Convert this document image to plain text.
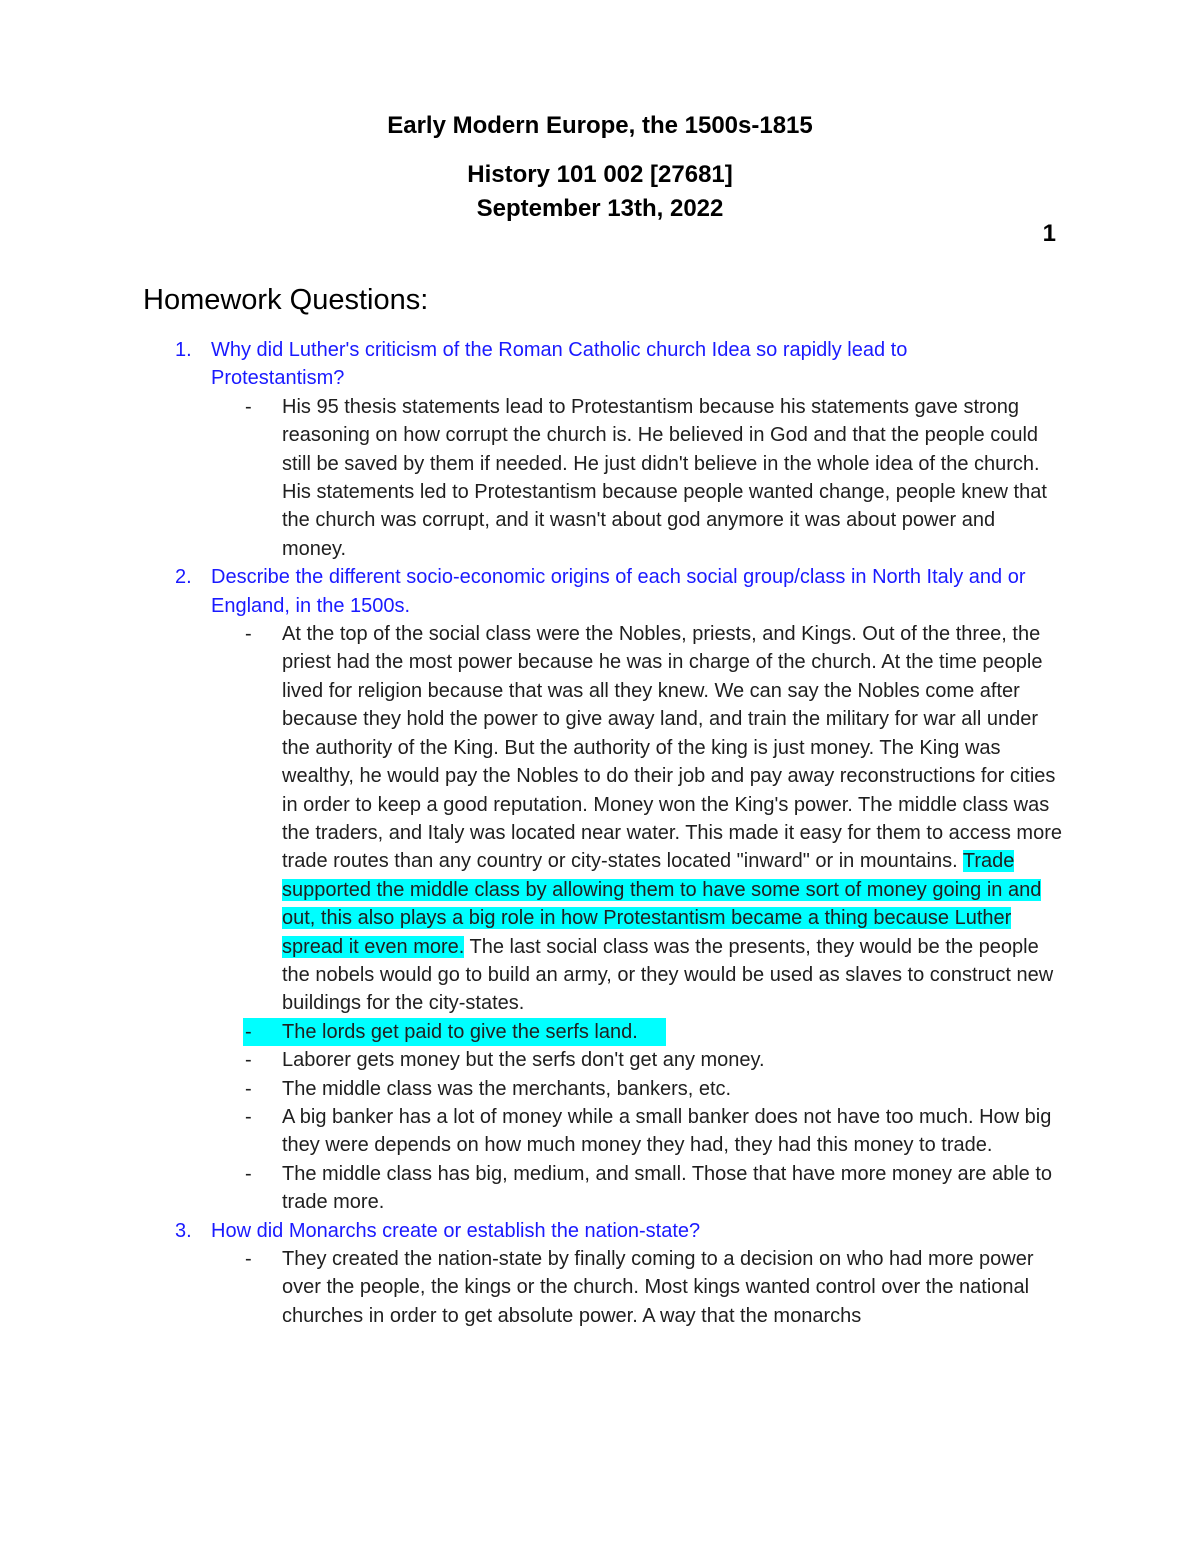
Early Modern Europe, the 1500s-1815
History 101 002 [27681]
September 13th, 2022
1
Homework Questions:
1. Why did Luther's criticism of the Roman Catholic church Idea so rapidly lead to Protestantism?
- His 95 thesis statements lead to Protestantism because his statements gave strong reasoning on how corrupt the church is. He believed in God and that the people could still be saved by them if needed. He just didn't believe in the whole idea of the church. His statements led to Protestantism because people wanted change, people knew that the church was corrupt, and it wasn't about god anymore it was about power and money.
2. Describe the different socio-economic origins of each social group/class in North Italy and or England, in the 1500s.
- At the top of the social class were the Nobles, priests, and Kings. Out of the three, the priest had the most power because he was in charge of the church. At the time people lived for religion because that was all they knew. We can say the Nobles come after because they hold the power to give away land, and train the military for war all under the authority of the King. But the authority of the king is just money. The King was wealthy, he would pay the Nobles to do their job and pay away reconstructions for cities in order to keep a good reputation. Money won the King's power. The middle class was the traders, and Italy was located near water. This made it easy for them to access more trade routes than any country or city-states located "inward" or in mountains. Trade supported the middle class by allowing them to have some sort of money going in and out, this also plays a big role in how Protestantism became a thing because Luther spread it even more. The last social class was the presents, they would be the people the nobels would go to build an army, or they would be used as slaves to construct new buildings for the city-states.
- The lords get paid to give the serfs land.
- Laborer gets money but the serfs don't get any money.
- The middle class was the merchants, bankers, etc.
- A big banker has a lot of money while a small banker does not have too much. How big they were depends on how much money they had, they had this money to trade.
- The middle class has big, medium, and small. Those that have more money are able to trade more.
3. How did Monarchs create or establish the nation-state?
- They created the nation-state by finally coming to a decision on who had more power over the people, the kings or the church. Most kings wanted control over the national churches in order to get absolute power. A way that the monarchs
